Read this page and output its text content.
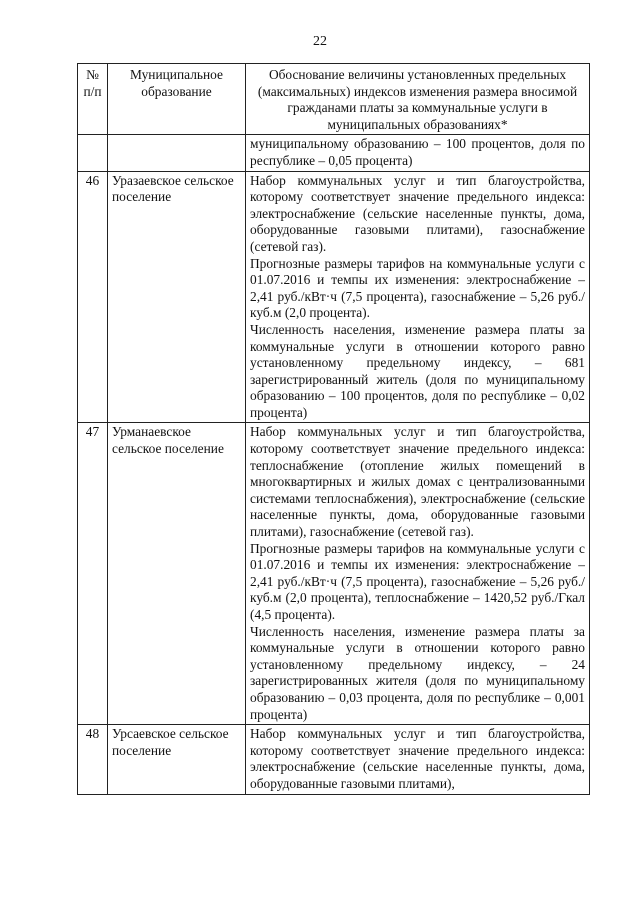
22
№ п/п	Муниципальное образование	Обоснование величины установленных предельных (максимальных) индексов изменения размера вносимой гражданами платы за коммунальные услуги в муниципальных образованиях*

		муниципальному образованию – 100 процентов, доля по республике – 0,05 процента)

46	Уразаевское сельское поселение	Набор коммунальных услуг и тип благоустройства, которому соответствует значение предельного индекса: электроснабжение (сельские населенные пункты, дома, оборудованные газовыми плитами), газоснабжение (сетевой газ).
Прогнозные размеры тарифов на коммунальные услуги с 01.07.2016 и темпы их изменения: электроснабжение – 2,41 руб./кВт·ч (7,5 процента), газоснабжение – 5,26 руб./куб.м (2,0 процента).
Численность населения, изменение размера платы за коммунальные услуги в отношении которого равно установленному предельному индексу, – 681 зарегистрированный житель (доля по муниципальному образованию – 100 процентов, доля по республике – 0,02 процента)

47	Урманаевское сельское поселение	Набор коммунальных услуг и тип благоустройства, которому соответствует значение предельного индекса: теплоснабжение (отопление жилых помещений в многоквартирных и жилых домах с централизованными системами теплоснабжения), электроснабжение (сельские населенные пункты, дома, оборудованные газовыми плитами), газоснабжение (сетевой газ).
Прогнозные размеры тарифов на коммунальные услуги с 01.07.2016 и темпы их изменения: электроснабжение – 2,41 руб./кВт·ч (7,5 процента), газоснабжение – 5,26 руб./куб.м (2,0 процента), теплоснабжение – 1420,52 руб./Гкал (4,5 процента).
Численность населения, изменение размера платы за коммунальные услуги в отношении которого равно установленному предельному индексу, – 24 зарегистрированных жителя (доля по муниципальному образованию – 0,03 процента, доля по республике – 0,001 процента)

48	Урсаевское сельское поселение	Набор коммунальных услуг и тип благоустройства, которому соответствует значение предельного индекса: электроснабжение (сельские населенные пункты, дома, оборудованные газовыми плитами),
